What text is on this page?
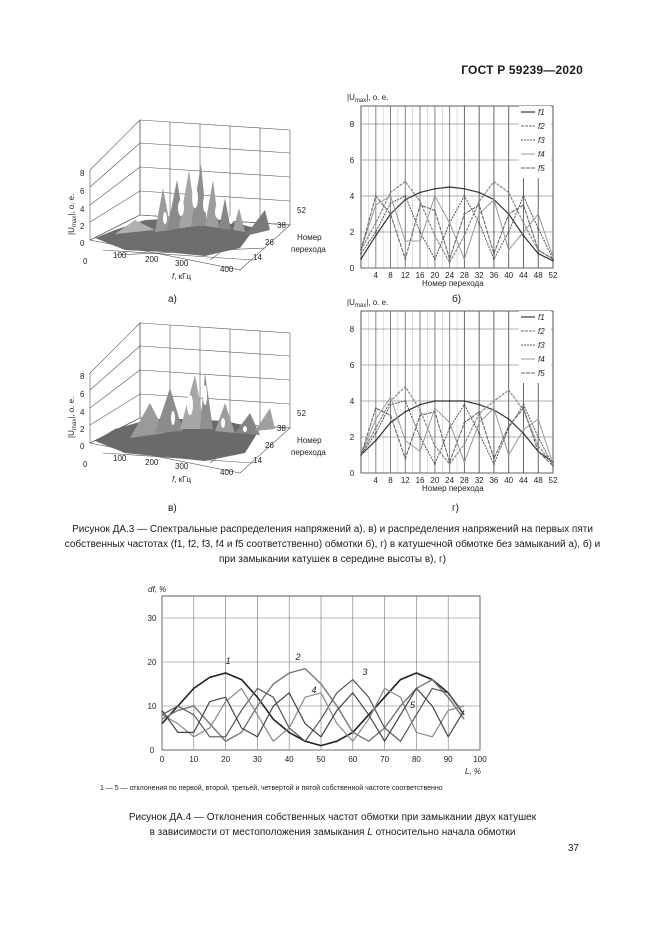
ГОСТ Р 59239—2020
8
6
4
2
0
0
100 200 300
400
f, кГц
14
26
38
52
Номер
перехода
$|U_{max}|$, о. е.
а)
8
6
4
2
0
0
100 200 300
400
f, кГц
14
26
38
52
Номер
перехода
$|U_{max}|$, о. е.
в)
$|U_{max}|$, о. е.
4 8 12 16 20 24 28 32 36 40 44 48 52
0
2
4
6
8
f1
f2
f3
f4
f5
Номер перехода
б)
$|U_{max}|$, о. е.
4 8 12 16 20 24 28 32 36 40 44 48 52
0
2
4
6
8
f1
f2
f3
f4
f5
Номер перехода
г)
Рисунок ДА.3 — Спектральные распределения напряжений а), в) и распределения напряжений на первых пяти
собственных частотах (f1, f2, f3, f4 и f5 соответственно) обмотки б), г) в катушечной обмотке без замыканий а), б) и
при замыкании катушек в середине высоты в), г)
df, %
0	10	20	30	40	50	60	70	80	90	100
0
10
20
30
1	2
3
4
5
L, %
1 — 5 — отклонения по первой, второй, третьей, четвертой и пятой собственной частоте соответственно
Рисунок ДА.4 — Отклонения собственных частот обмотки при замыкании двух катушек
в зависимости от местоположения замыкания L относительно начала обмотки
37
